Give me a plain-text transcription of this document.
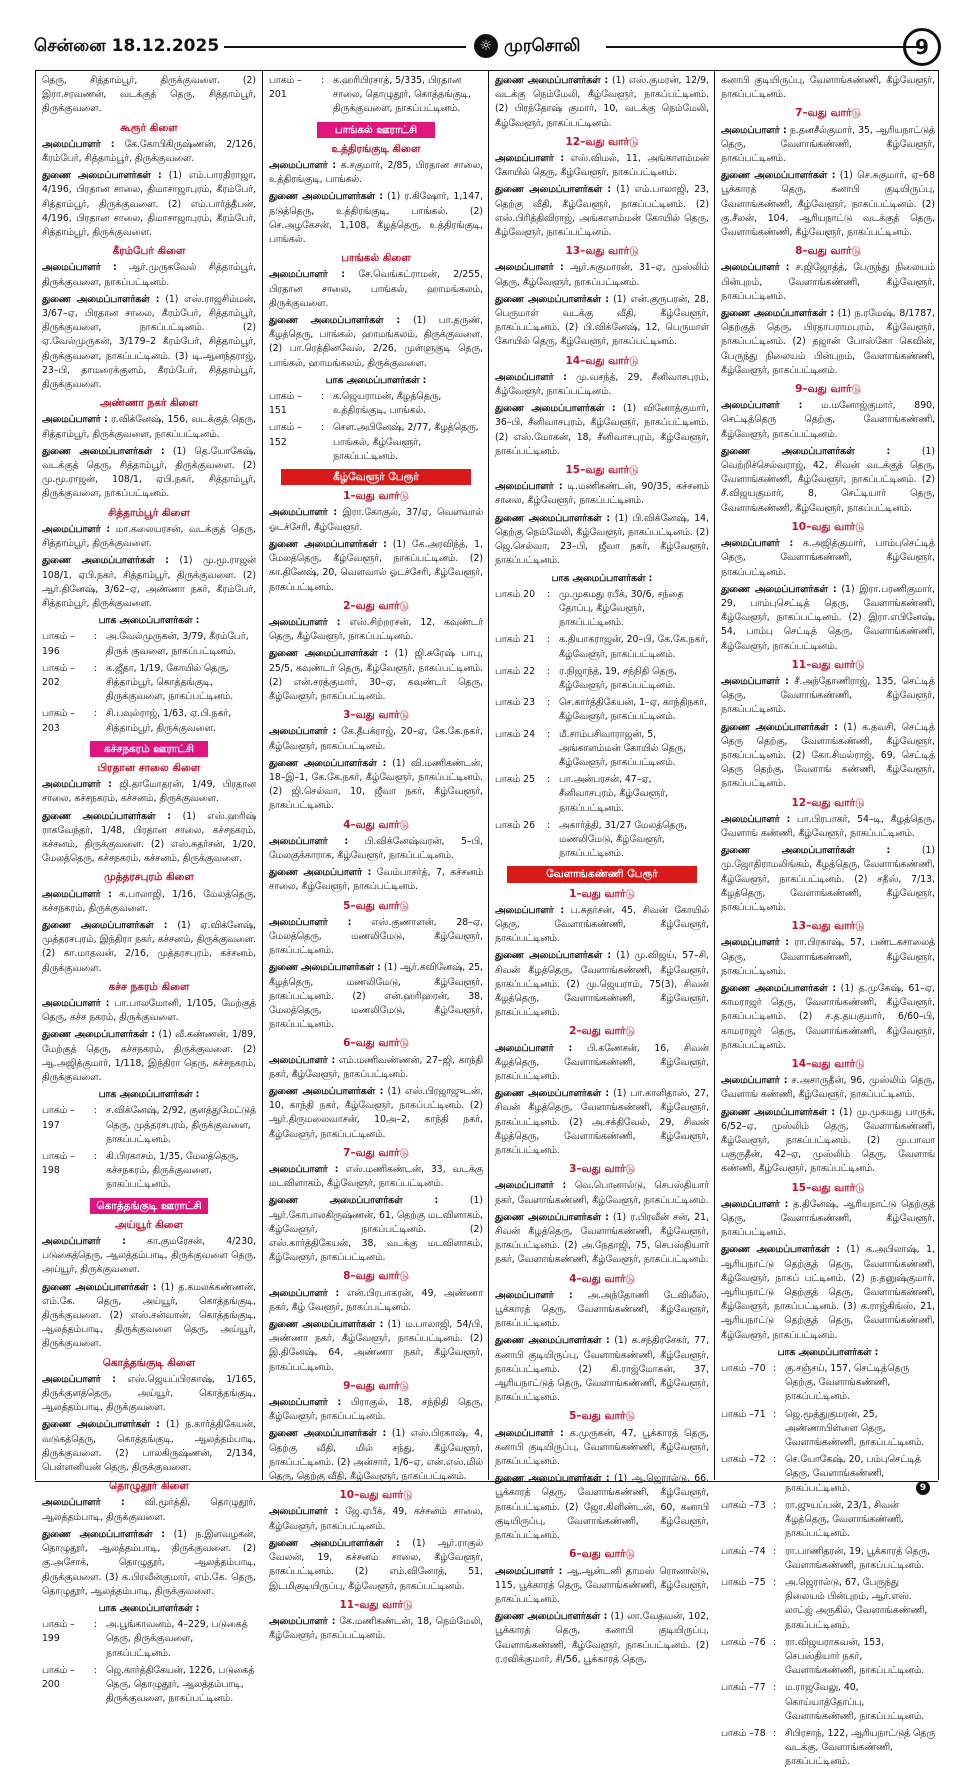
சென்னை 18.12.2025	☼ முரசொலி	9

தெரு, சித்தாம்பூர், திருக்குவளை. (2) இரா.சரவணன், வடக்குத் தெரு, சித்தாம்பூர், திருக்குவளை.

கூரூர் கிளை

அமைப்பாளர் : கே.கோபிகிருஷ்ணன், 2/126, கீரம்பேர், சித்தாம்பூர், திருக்குவளை.

துணை அமைப்பாளர்கள் : (1) எம்.பாரதிராஜா, 4/196, பிரதான சாலை, திமாசாஜாபுரம், கீரம்பேர், சித்தாம்பூர், திருக்குவளை. (2) எம்.பார்த்தீபன், 4/196, பிரதான சாலை, திமாசாஜாபுரம், கீரம்பேர், சித்தாம்பூர், திருக்குவளை.

கீரம்பேர் கிளை

அமைப்பாளர் : ஆர்.முருகவேல் சித்தாம்பூர், திருக்குவளை, நாகப்பட்டினம்.

துணை அமைப்பாளர்கள் : (1) எஸ்.ராஜசிம்மன், 3/67–ஏ, பிரதான சாலை, கீரம்பேர், சித்தாம்பூர், திருக்குவளை, நாகப்பட்டினம். (2) ஏ.வேல்முருகன், 3/179–2 கீரம்பேர், சித்தாம்பூர், திருக்குவளை, நாகப்பட்டினம். (3) டி.ஆனந்தராஜ், 23–பி, தாமரைக்குளம், கீரம்பேர், சித்தாம்பூர், திருக்குவளை.

அண்ணா நகர் கிளை

அமைப்பாளர் : ர.விக்னேஷ், 156, வடக்குத் தெரு, சித்தாம்பூர், திருக்குவளை, நாகப்பட்டினம்.

துணை அமைப்பாளர்கள் : (1) தெ.யோகேஷ், வடக்குத் தெரு, சித்தாம்பூர், திருக்குவளை. (2) மு.மூ.ராஜன், 108/1, ஏபி.நகர், சித்தாம்பூர், திருக்குவளை, நாகப்பட்டினம்.

சித்தாம்பூர் கிளை

அமைப்பாளர் : மா.கலையரசன், வடக்குத் தெரு, சித்தாம்பூர், திருக்குவளை.

துணை அமைப்பாளர்கள் : (1) மு.மூ.ராஜன் 108/1, ஏபி.நகர், சித்தாம்பூர், திருக்குவளை. (2) ஆர்.தினேஷ், 3/62–ஏ, அண்ணா நகர், கீரம்பேர், சித்தாம்பூர், திருக்குவளை.

பாக அமைப்பாளர்கள் :
பாகம் – 196	:	அ.வேல்முருகன், 3/79, கீரம்பேர், திருக் குவளை, நாகப்பட்டினம்.
பாகம் – 202	:	க.ஜீதா, 1/19, கோயில் தெரு, சித்தாம்பூர், கொத்தங்குடி, திருக்குவளை, நாகப்பட்டினம்.
பாகம் – 203	:	சி.பவுல்ராஜ், 1/63, ஏ.பி.நகர், சித்தாம்பூர், திருக்குவளை.
கச்சநகரம் ஊராட்சி
பிரதான சாலை கிளை

அமைப்பாளர் : ஜி.தாமோதரன், 1/49, பிரதான சாலை, கச்சநகரம், கச்சனம், திருக்குவளை.

துணை அமைப்பாளர்கள் : (1) எஸ்.ஹரிஷ் ராகவேந்தர், 1/48, பிரதான சாலை, கச்சநகரம், கச்சனம், திருக்குவளை. (2) எஸ்.சுதர்சன், 1/20, மேலத்தெரு, கச்சநகரம், கச்சனம், திருக்குவளை.

முத்தரசபுரம் கிளை

அமைப்பாளர் : க.பாலாஜி, 1/16, மேலத்தெரு, கச்சநகரம், திருக்குவளை.

துணை அமைப்பாளர்கள் : (1) ஏ.விக்னேஷ், முத்தரசபுரம், இந்திரா நகர், கச்சனம், திருக்குவளை. (2) கா.மாதவன், 2/16, முத்தரசபுரம், கச்சனம், திருக்குவளை.

கச்ச நகரம் கிளை

அமைப்பாளர் : பா.பாலமோனி, 1/105, மேற்குத் தெரு, கச்ச நகரம், திருக்குவளை.

துணை அமைப்பாளர்கள் : (1) வீ.கண்ணன், 1/89, மேற்குத் தெரு, கச்சநகரம், திருக்குவளை. (2) ஆ.அஜித்குமார், 1/118, இந்திரா தெரு, கச்சநகரம், திருக்குவளை.

பாக அமைப்பாளர்கள் :
பாகம் – 197	:	ச.விக்னேஷ், 2/92, குளத்துமேட்டுத் தெரு, முத்தரசபுரம், திருக்குவளை, நாகப்பட்டினம்.
பாகம் – 198	:	கி.பிரகாசம், 1/35, மேலத்தெரு, கச்சநகரம், திருக்குவளை, நாகப்பட்டினம்.
கொத்தங்குடி ஊராட்சி
அய்யூர் கிளை

அமைப்பாளர் : கா.குமரேசன், 4/230, படுகைத்தெரு, ஆலத்தம்பாடி, திருக்குவளை தெரு, அய்யூர், திருக்குவளை.

துணை அமைப்பாளர்கள் : (1) த.கமலக்கண்ணன், எம்.கே. தெரு, அய்யூர், கொத்தங்குடி, திருக்குவளை. (2) எஸ்.சன்வான், கொத்தங்குடி, ஆலத்தம்பாடி, திருக்குவளை தெரு, அய்யூர், திருக்குவளை.

கொத்தங்குடி கிளை

அமைப்பாளர் : எஸ்.ஜெயப்பிரகாஷ், 1/165, திருக்குளத்தெரு, அய்யூர், கொத்தங்குடி, ஆலத்தம்பாடி, திருக்குவளை.

துணை அமைப்பாளர்கள் : (1) ந.கார்த்திகேயன், வடுகத்தெரு, கொத்தங்குடி, ஆலத்தம்பாடி, திருக்குவளை. (2) பாலகிருஷ்ணன், 2/134, பெள்ளனியன் தெரு, திருக்குவளை.

தொழுதூர் கிளை

அமைப்பாளர் : வி.மூர்த்தி, தொழுதூர், ஆலத்தம்பாடி, திருக்குவளை.

துணை அமைப்பாளர்கள் : (1) ந.இளவழகன், தொழுதூர், ஆலத்தம்பாடி, திருக்குவளை. (2) கு.அசோக், தொழுதூர், ஆலத்தம்பாடி, திருக்குவளை. (3) க.பிரவீன்குமார், எம்.கே. தெரு, தொழுதூர், ஆலத்தம்பாடி, திருக்குவளை.

பாக அமைப்பாளர்கள் :
பாகம் – 199	:	அ.பூங்காவனம், 4–229, படுகைத் தெரு, திருக்குவளை, நாகப்பட்டினம்.
பாகம் – 200	:	ஜெ.கார்த்திகேயன், 1226, படுகைத் தெரு, தொழுதூர், ஆலத்தம்பாடி, திருக்குவளை, நாகப்பட்டினம்.
பாகம் – 201	:	க.ஹரிபிரசாத், 5/335, பிரதான சாலை, தொழுதூர், கொத்தங்குடி, திருக்குவளை, நாகப்பட்டினம்.
பாங்கல் ஊராட்சி
உத்திரங்குடி கிளை

அமைப்பாளர் : க.சகுமார், 2/85, பிரதான சாலை, உத்திரங்குடி, பாங்கல்.

துணை அமைப்பாளர்கள் : (1) ர.கிஷோர், 1,147, நடுத்தெரு, உத்திரங்குடி, பாங்கல். (2) செ.அழகேசன், 1,108, கீழத்தெரு, உத்திரங்குடி, பாங்கல்.

பாங்கல் கிளை

அமைப்பாளர் : சே.வெங்கட்ராமன், 2/255, பிரதான சாலை, பாங்கல், ஹாமங்கலம், திருக்குவளை.

துணை அமைப்பாளர்கள் : (1) பா.தருண், கீழத்தெரு, பாங்கல், ஹாமங்கலம், திருக்குவளை. (2) பா.ரெத்தினவேல், 2/26, முள்ளுகுடி தெரு, பாங்கல், ஹாமங்கலம், திருக்குவளை.

பாக அமைப்பாளர்கள் :
பாகம் – 151	:	க.ஜெயராமன், கீழத்தெரு, உத்திரங்குடி, பாங்கல்.
பாகம் – 152	:	சௌ.அபினேஷ், 2/77, கீழத்தெரு, பாங்கல், கீழ்வேளூர், நாகப்பட்டினம்.
கீழ்வேளூர் பேரூர்
1–வது வார்டு

அமைப்பாளர் : இரா.கோகுல், 37/ஏ, வௌவால் ஓடச்சேரி, கீழ்வேளூர்.

துணை அமைப்பாளர்கள் : (1) கே.அரவிந்த், 1, மேலத்தெரு, கீழ்வேளூர், நாகப்பட்டினம். (2) கா.தினேஷ், 20, வௌவால் ஓடச்சேரி, கீழ்வேளூர், நாகப்பட்டினம்.

2–வது வார்டு

அமைப்பாளர் : எஸ்.சிற்றரசன், 12, கவுண்டர் தெரு, கீழ்வேளூர், நாகப்பட்டினம்.

துணை அமைப்பாளர்கள் : (1) ஜி.சுரேஷ் பாபு, 25/5, கவுண்டர் தெரு, கீழ்வேளூர், நாகப்பட்டினம். (2) என்.சரத்குமார், 30–ஏ, கவுண்டர் தெரு, கீழ்வேளூர், நாகப்பட்டினம்.

3–வது வார்டு

அமைப்பாளர் : கே.தீபக்ராஜ், 20–ஏ, கே.கே.நகர், கீழ்வேளூர், நாகப்பட்டினம்.

துணை அமைப்பாளர்கள் : (1) வி.மணிகண்டன், 18–இ–1, கே.கே.நகர், கீழ்வேளூர், நாகப்பட்டினம். (2) ஜி.செல்வா, 10, ஜீவா நகர், கீழ்வேளூர், நாகப்பட்டினம்.

4–வது வார்டு

அமைப்பாளர் : பி.விக்னேஷ்வரன், 5–பி, மேலகுக்காராக, கீழ்வேளூர், நாகப்பட்டினம்.

துணை அமைப்பாளர் : வேம்பாசர்த், 7, கச்சனம் சாலை, கீழ்வேளூர், நாகப்பட்டினம்.

5–வது வார்டு

அமைப்பாளர் : எஸ்.குணாளன், 28–ஏ, மேலத்தெரு, மணலிமேடு, கீழ்வேளூர், நாகப்பட்டினம்.

துணை அமைப்பாளர்கள் : (1) ஆர்.கவினேஷ், 25, கீழத்தெரு, மணலிமேடு, கீழ்வேளூர், நாகப்பட்டினம். (2) என்.ஹரிஹரன், 38, மேலத்தெரு, மணலிமேடு, கீழ்வேளூர், நாகப்பட்டினம்.

6–வது வார்டு

அமைப்பாளர் : எம்.மணிவண்ணன், 27–ஜி, காந்தி நகர், கீழ்வேளூர், நாகப்பட்டினம்.

துணை அமைப்பாளர்கள் : (1) எஸ்.பிரஜாஜுடன், 10, காந்தி நகர், கீழ்வேளூர், நாகப்பட்டினம். (2) ஆர்.திருமலைவாசன், 10அ–2, காந்தி நகர், கீழ்வேளூர், நாகப்பட்டினம்.

7–வது வார்டு

அமைப்பாளர் : எஸ்.மணிகண்டன், 33, வடக்கு மடவிளாகம், கீழ்வேளூர், நாகப்பட்டினம்.

துணை அமைப்பாளர்கள் : (1) ஆர்.கோபாலகிருஷ்ணன், 61, தெற்கு மடவிளாகம், கீழ்வேளூர், நாகப்பட்டினம். (2) எஸ்.கார்த்திகேயன், 38, வடக்கு மடவிளாகம், கீழ்வேளூர், நாகப்பட்டினம்.

8–வது வார்டு

அமைப்பாளர் : என்.பிரபாகரன், 49, அண்ணா நகர், கீழ் வேளூர், நாகப்பட்டினம்.

துணை அமைப்பாளர்கள் : (1) ம.பாலாஜி, 54/பி, அண்ணா நகர், கீழ்வேளூர், நாகப்பட்டினம். (2) இ.தினேஷ், 64, அண்ணா நகர், கீழ்வேளூர், நாகப்பட்டினம்.

9–வது வார்டு

அமைப்பாளர் : பிராகுல், 18, சந்நிதி தெரு, கீழ்வேளூர், நாகப்பட்டினம்.

துணை அமைப்பாளர்கள் : (1) எஸ்.பிரகாஷ், 4, தெற்கு வீதி, மில் சந்து, கீழ்வேளூர், நாகப்பட்டினம். (2) அன்சார், 1/6–ஏ, என்.எஸ்.மில் தெரு, தெற்கு வீதி, கீழ்வேளூர், நாகப்பட்டினம்.

10–வது வார்டு

அமைப்பாளர் : ஜே.ஏபீக், 49, கச்சனம் சாலை, கீழ்வேளூர், நாகப்பட்டினம்.

துணை அமைப்பாளர்கள் : (1) ஆர்.ராகுல் வேலன், 19, கச்சனம் சாலை, கீழ்வேளூர், நாகப்பட்டினம். (2) எம்.வினோத், 51, இடமிகுடியிருப்பு, கீழ்வேளூர், நாகப்பட்டினம்.

11–வது வார்டு

அமைப்பாளர் : கே.மணிகண்டன், 18, நெம்மேலி, கீழ்வேளூர், நாகப்பட்டினம்.

துணை அமைப்பாளர்கள் : (1) எஸ்.குமரன், 12/9, வடக்கு நெம்மேலி, கீழ்வேளூர், நாகப்பட்டினம். (2) பிரந்தோஷ் குமார், 10, வடக்கு நெம்மேலி, கீழ்வேளூர், நாகப்பட்டினம்.

12–வது வார்டு

அமைப்பாளர் : எஸ்.விமல், 11, அங்காளம்மன் கோயில் தெரு, கீழ்வேளூர், நாகப்பட்டினம்.

துணை அமைப்பாளர்கள் : (1) எம்.பாலாஜி, 23, தெற்கு வீதி, கீழ்வேளூர், நாகப்பட்டினம். (2) எஸ்.பிரித்திவிராஜ், அங்காளம்மன் கோயில் தெரு, கீழ்வேளூர், நாகப்பட்டினம்.

13–வது வார்டு

அமைப்பாளர் : ஆர்.சுகுமாரன், 31–ஏ, முஸ்லிம் தெரு, கீழ்வேளூர், நாகப்பட்டினம்.

துணை அமைப்பாளர்கள் : (1) என்.குருபரன், 28, பெருமாள் வடக்கு வீதி, கீழ்வேளூர், நாகப்பட்டினம். (2) பி.விக்னேஷ், 12, பெருமாள் கோயில் தெரு, கீழ்வேளூர், நாகப்பட்டினம்.

14–வது வார்டு

அமைப்பாளர் : மு.வசந்த், 29, சீனிவாசபுரம், கீழ்வேளூர், நாகப்பட்டினம்.

துணை அமைப்பாளர்கள் : (1) வினோத்குமார், 36–பி, சீனிவாசபுரம், கீழ்வேளூர், நாகப்பட்டினம். (2) எஸ்.மோகன், 18, சீனிவாசபுரம், கீழ்வேளூர், நாகப்பட்டினம்.

15–வது வார்டு

அமைப்பாளர் : டி.மணிகண்டன், 90/35, கச்சனம் சாலை, கீழ்வேளூர், நாகப்பட்டினம்.

துணை அமைப்பாளர்கள் : (1) பி.விக்னேஷ், 14, தெற்கு நெம்மேலி, கீழ்வேளூர், நாகப்பட்டினம். (2) ஜெ.செல்வா, 23–பி, ஜீவா நகர், கீழ்வேளூர், நாகப்பட்டினம்.

பாக அமைப்பாளர்கள் :
பாகம் 20	:	மு.முகமது ரபீக், 30/6, சந்தை தோப்பு, கீழ்வேளூர், நாகப்பட்டினம்.
பாகம் 21	:	க.தியாகராஜன், 20–பி, கே.கே.நகர், கீழ்வேளூர், நாகப்பட்டினம்.
பாகம் 22	:	ர.நிஜாந்த், 19, சந்நிதி தெரு, கீழ்வேளூர், நாகப்பட்டினம்.
பாகம் 23	:	செ.கார்த்திகேயன், 1–ஏ, காந்திநகர், கீழ்வேளூர், நாகப்பட்டினம்.
பாகம் 24	:	மீ.சாம்பசிவாராஜன், 5, அங்காளம்மன் கோயில் தெரு, கீழ்வேளூர், நாகப்பட்டினம்.
பாகம் 25	:	பா.அன்பரசன், 47–ஏ, சீனிவாசபுரம், கீழ்வேளூர், நாகப்பட்டினம்.
பாகம் 26	:	அகார்த்தி, 31/27 மேலத்தெரு, மணலிமேடு, கீழ்வேளூர், நாகப்பட்டினம்.
வேளாங்கண்ணி பேரூர்
1–வது வார்டு

அமைப்பாளர் : ப.சுதர்சன், 45, சிவன் கோயில் தெரு, வேளாங்கண்ணி, கீழ்வேளூர், நாகப்பட்டினம்.

துணை அமைப்பாளர்கள் : (1) மு.விஜய், 57–சி, சிவன் கீழத்தெரு, வேளாங்கண்ணி, கீழ்வேளூர், நாகப்பட்டினம். (2) மு.ஜெயராம், 75(3), சிவன் கீழத்தெரு, வேளாங்கண்ணி, கீழ்வேளூர், நாகப்பட்டினம்.

2–வது வார்டு

அமைப்பாளர் : பி.கணேசன், 16, சிவன் கீழத்தெரு, வேளாங்கண்ணி, கீழ்வேளூர், நாகப்பட்டினம்.

துணை அமைப்பாளர்கள் : (1) பா.காளிதாஸ், 27, சிவன் கீழத்தெரு, வேளாங்கண்ணி, கீழ்வேளூர், நாகப்பட்டினம். (2) அ.சக்திவேல், 29, சிவன் கீழத்தெரு, வேளாங்கண்ணி, கீழ்வேளூர், நாகப்பட்டினம்.

3–வது வார்டு

அமைப்பாளர் : வெ.பொனால்டு, செபஸ்தியார் நகர், வேளாங்கண்ணி, கீழ்வேளூர், நாகப்பட்டினம்.

துணை அமைப்பாளர்கள் : (1) ர.பிரவீன் சன், 21, சிவன் கீழத்தெரு, வேளாங்கண்ணி, கீழ்வேளூர், நாகப்பட்டினம். (2) அ.நேதாஜி, 75, செபஸ்தியார் நகர், வேளாங்கண்ணி, கீழ்வேளூர், நாகப்பட்டினம்.

4–வது வார்டு

அமைப்பாளர் : அ.அந்தோணி டேவிலீஸ், பூக்காரத் தெரு, வேளாங்கண்ணி, கீழ்வேளூர், நாகப்பட்டினம்.

துணை அமைப்பாளர்கள் : (1) க.சந்திரசேகர், 77, கனாபி குடியிருப்பு, வேளாங்கண்ணி, கீழ்வேளூர், நாகப்பட்டினம். (2) கி.ராஜ்மோகன், 37, ஆரியநாட்டுத் தெரு, வேளாங்கண்ணி, கீழ்வேளூர், நாகப்பட்டினம்.

5–வது வார்டு

அமைப்பாளர் : க.முருகன், 47, பூக்காரத் தெரு, கனாபி குடியிருப்பு, வேளாங்கண்ணி, கீழ்வேளூர், நாகப்பட்டினம்.

துணை அமைப்பாளர்கள் : (1) ஆ.ஜெரால்டு, 66, பூக்காரத் தெரு, வேளாங்கண்ணி, கீழ்வேளூர், நாகப்பட்டினம். (2) ஜோ.கிளிண்டன், 60, கனாபி குடியிருப்பு, வேளாங்கண்ணி, கீழ்வேளூர், நாகப்பட்டினம்.

6–வது வார்டு

அமைப்பாளர் : ஆ.ஆன்டனி தாமஸ் ரொனால்டு, 115, பூக்காரத் தெரு, வேளாங்கண்ணி, கீழ்வேளூர், நாகப்பட்டினம்.

துணை அமைப்பாளர்கள் : (1) லா.வேதவன், 102, பூக்காரத் தெரு, கனாபி குடியிருப்பு, வேளாங்கண்ணி, கீழ்வேளூர், நாகப்பட்டினம். (2) ர.ரவிக்குமார், சி/56, பூக்காரத் தெரு,

கனாபி குடியிருப்பு, வேளாங்கண்ணி, கீழ்வேளூர், நாகப்பட்டினம்.

7–வது வார்டு

அமைப்பாளர் : ந.தனசீல்குமார், 35, ஆரியநாட்டுத் தெரு, வேளாங்கண்ணி, கீழ்வேளூர், நாகப்பட்டினம்.

துணை அமைப்பாளர்கள் : (1) செ.சுகுமார், ஏ–68 பூக்காரத் தெரு, கனாபி குடியிருப்பு, வேளாங்கண்ணி, கீழ்வேளூர், நாகப்பட்டினம். (2) கு.சீலன், 104, ஆரியநாட்டு வடக்குத் தெரு, வேளாங்கண்ணி, கீழ்வேளூர், நாகப்பட்டினம்.

8–வது வார்டு

அமைப்பாளர் : ச.ஜிஜோத்த், பேருந்து நிலையம் பின்புறம், வேளாங்கண்ணி, கீழ்வேளூர், நாகப்பட்டினம்.

துணை அமைப்பாளர்கள் : (1) ந.ரமேஷ், 8/1787, தெற்குத் தெரு, பிரதாபராமபுரம், கீழ்வேளூர், நாகப்பட்டினம். (2) தஜான் போஸ்கோ கெவின், பேருந்து நிலையம் பின்புறம், வேளாங்கண்ணி, கீழ்வேளூர், நாகப்பட்டினம்.

9–வது வார்டு

அமைப்பாளர் : ம.மனோஜ்குமார், 890, செட்டித்தெரு தெற்கு, வேளாங்கண்ணி, கீழ்வேளூர், நாகப்பட்டினம்.

துணை அமைப்பாளர்கள் : (1) வெற்றிச்செல்வராஜ், 42, சிவன் வடக்குத் தெரு, வேளாங்கண்ணி, கீழ்வேளூர், நாகப்பட்டினம். (2) சீ.விஜயகுமார், 8, செட்டியார் தெரு, வேளாங்கண்ணி, கீழ்வேளூர், நாகப்பட்டினம்.

10–வது வார்டு

அமைப்பாளர் : க.அஜித்குமார், பாம்புசெட்டித் தெரு, வேளாங்கண்ணி, கீழ்வேளூர், நாகப்பட்டினம்.

துணை அமைப்பாளர்கள் : (1) இரா.பரணிகுமார், 29, பாம்புசெட்டித் தெரு, வேளாங்கண்ணி, கீழ்வேளூர், நாகப்பட்டினம். (2) இரா.எபினேஷ், 54, பாம்பு செட்டித் தெரு, வேளாங்கண்ணி, கீழ்வேளூர், நாகப்பட்டினம்.

11–வது வார்டு

அமைப்பாளர் : சீ.அந்தோணிராஜ், 135, செட்டித் தெரு, வேளாங்கண்ணி, கீழ்வேளூர், நாகப்பட்டினம்.

துணை அமைப்பாளர்கள் : (1) க.தவசி, செட்டித் தெரு தெற்கு, வேளாங்கண்ணி, கீழ்வேளூர், நாகப்பட்டினம். (2) கோ.சிமல்ராஜ், 69, செட்டித் தெரு தெற்கு, வேளாங் கண்ணி, கீழ்வேளூர், நாகப்பட்டினம்.

12–வது வார்டு

அமைப்பாளர் : பா.பிரபாகர், 54–டி, கீழத்தெரு, வேளாங் கண்ணி, கீழ்வேளூர், நாகப்பட்டினம்.

துணை அமைப்பாளர்கள் : (1) மு.ஜோதிராமலிங்கம், கீழத்தெரு, வேளாங்கண்ணி, கீழ்வேளூர், நாகப்பட்டினம். (2) சதீஸ், 7/13, கீழத்தெரு, வேளாங்கண்ணி, கீழ்வேளூர், நாகப்பட்டினம்.

13–வது வார்டு

அமைப்பாளர் : ரா.பிரகாஷ், 57, பண்டகசாலைத் தெரு, வேளாங்கண்ணி, கீழ்வேளூர், நாகப்பட்டினம்.

துணை அமைப்பாளர்கள் : (1) த.முகேஷ், 61–ஏ, காமராஜர் தெரு, வேளாங்கண்ணி, கீழ்வேளூர், நாகப்பட்டினம். (2) ச.த.தயகுமார், 6/60–பி, காமராஜர் தெரு, வேளாங்கண்ணி, கீழ்வேளூர், நாகப்பட்டினம்.

14–வது வார்டு

அமைப்பாளர் : ச.அசாருதீன், 96, முஸ்லிம் தெரு, வேளாங் கண்ணி, கீழ்வேளூர், நாகப்பட்டினம்.

துணை அமைப்பாளர்கள் : (1) மு.முகமது பாருக், 6/52–ஏ, முஸ்லிம் தெரு, வேளாங்கண்ணி, கீழ்வேளூர், நாகப்பட்டினம். (2) மு.பாவா பகுருதீன், 42–ஏ, முஸ்லிம் தெரு, வேளாங் கண்ணி, கீழ்வேளூர், நாகப்பட்டினம்.

15–வது வார்டு

அமைப்பாளர் : த.தினேஷ், ஆரியநாட்டு தெற்குத் தெரு, வேளாங்கண்ணி, கீழ்வேளூர், நாகப்பட்டினம்.

துணை அமைப்பாளர்கள் : (1) க.அபிலாஷ், 1, ஆரியநாட்டு தெற்குத் தெரு, வேளாங்கண்ணி, கீழ்வேளூர், நாகப் பட்டினம். (2) ந.தனுஷ்குமார், ஆரியநாட்டு தெற்குத் தெரு, வேளாங்கண்ணி, கீழ்வேளூர், நாகப்பட்டினம். (3) க.ராஜ்கிங்ஸ், 21, ஆரியநாட்டு தெற்குத் தெரு, வேளாங்கண்ணி, கீழ்வேளூர், நாகப்பட்டினம்.

பாக அமைப்பாளர்கள் :
பாகம் –70	:	கு.சஞ்சய், 157, செட்டித்தெரு தெற்கு, வேளாங்கண்ணி, நாகப்பட்டினம்.
பாகம் –71	:	ஜெ.மூத்துகுமரன், 25, அண்ணாபிள்ளை தெரு, வேளாங்கண்ணி, நாகப்பட்டினம்.
பாகம் –72	:	செ.யோகேஷ், 20, பம்புசெட்டித் தெரு, வேளாங்கண்ணி, நாகப்பட்டினம்.
பாகம் –73	:	ரா.ஜுயப்பன், 23/1, சிவன் கீழத்தெரு, வேளாங்கண்ணி, நாகப்பட்டினம்.
பாகம் –74	:	ரா.பாணிதரன், 19, பூக்காரத் தெரு, வேளாங்கண்ணி, நாகப்பட்டினம்.
பாகம் –75	:	அ.ஜெரால்டு, 67, பேருந்து நிலையம் பின்புறம், ஆர்.எஸ். லாட்ஜ் அருகில், வேளாங்கண்ணி, நாகப்பட்டினம்.
பாகம் –76	:	ரா.விஜயராகவன், 153, செபஸ்தியார் நகர், வேளாங்கண்ணி, நாகப்பட்டினம்.
பாகம் –77	:	ம.ராஜவேலு, 40, கொய்யாத்தோப்பு, வேளாங்கண்ணி, நாகப்பட்டினம்.
பாகம் –78	:	சிபிரசாந், 122, ஆரியநாட்டுத் தெரு வடக்கு, வேளாங்கண்ணி, நாகப்பட்டினம்.
9
